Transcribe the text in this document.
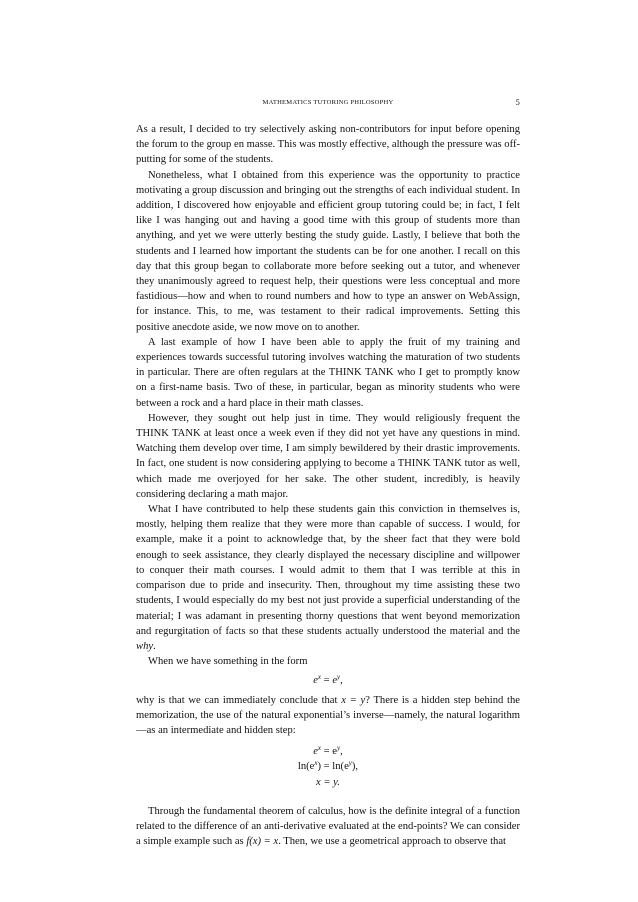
MATHEMATICS TUTORING PHILOSOPHY	5

As a result, I decided to try selectively asking non-contributors for input before opening the forum to the group en masse. This was mostly effective, although the pressure was off-putting for some of the students.

Nonetheless, what I obtained from this experience was the opportunity to practice motivating a group discussion and bringing out the strengths of each individual student. In addition, I discovered how enjoyable and efficient group tutoring could be; in fact, I felt like I was hanging out and having a good time with this group of students more than anything, and yet we were utterly besting the study guide. Lastly, I believe that both the students and I learned how important the students can be for one another. I recall on this day that this group began to collaborate more before seeking out a tutor, and whenever they unanimously agreed to request help, their questions were less conceptual and more fastidious—how and when to round numbers and how to type an answer on WebAssign, for instance. This, to me, was testament to their radical improvements. Setting this positive anecdote aside, we now move on to another.

A last example of how I have been able to apply the fruit of my training and experiences towards successful tutoring involves watching the maturation of two students in particular. There are often regulars at the THINK TANK who I get to promptly know on a first-name basis. Two of these, in particular, began as minority students who were between a rock and a hard place in their math classes.

However, they sought out help just in time. They would religiously frequent the THINK TANK at least once a week even if they did not yet have any questions in mind. Watching them develop over time, I am simply bewildered by their drastic improvements. In fact, one student is now considering applying to become a THINK TANK tutor as well, which made me overjoyed for her sake. The other student, incredibly, is heavily considering declaring a math major.

What I have contributed to help these students gain this conviction in themselves is, mostly, helping them realize that they were more than capable of success. I would, for example, make it a point to acknowledge that, by the sheer fact that they were bold enough to seek assistance, they clearly displayed the necessary discipline and willpower to conquer their math courses. I would admit to them that I was terrible at this in comparison due to pride and insecurity. Then, throughout my time assisting these two students, I would especially do my best not just provide a superficial understanding of the material; I was adamant in presenting thorny questions that went beyond memorization and regurgitation of facts so that these students actually understood the material and the why.

When we have something in the form

$e^x = e^y$,

why is that we can immediately conclude that x = y? There is a hidden step behind the memorization, the use of the natural exponential’s inverse—namely, the natural logarithm—as an intermediate and hidden step:

$e^x = e^y$,
$\ln(e^x) = \ln(e^y)$,
x = y.

Through the fundamental theorem of calculus, how is the definite integral of a function related to the difference of an anti-derivative evaluated at the end-points? We can consider a simple example such as f(x) = x. Then, we use a geometrical approach to observe that
